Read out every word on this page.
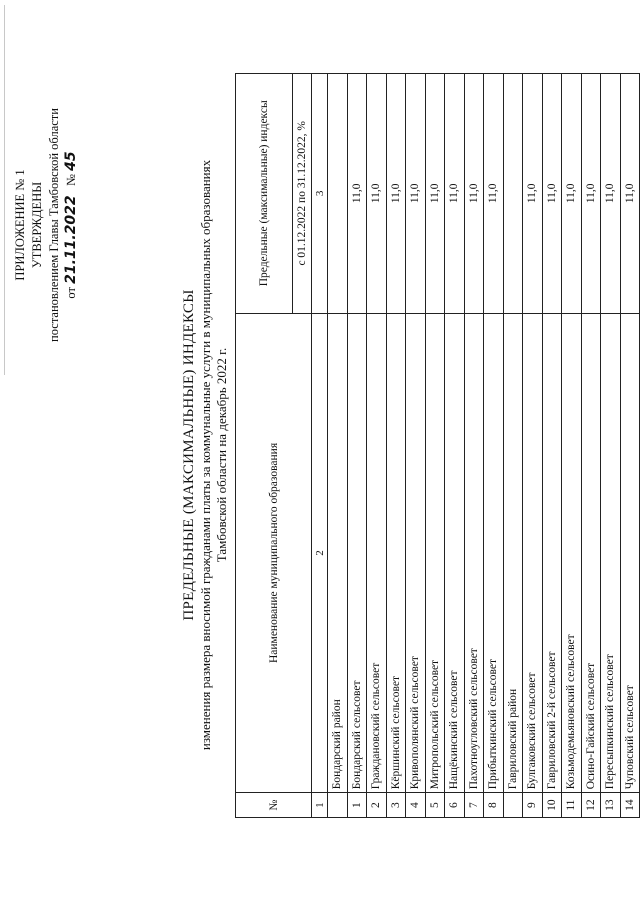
ПРИЛОЖЕНИЕ № 1 УТВЕРЖДЕНЫ постановлением Главы Тамбовской области от 21.11.2022   № 45
ПРЕДЕЛЬНЫЕ (МАКСИМАЛЬНЫЕ) ИНДЕКСЫ изменения размера вносимой гражданами платы за коммунальные услуги в муниципальных образованиях Тамбовской области на декабрь 2022 г.
№	Наименование муниципального образования	Предельные (максимальные) индексы
		с 01.12.2022 по 31.12.2022, %
1	2	3
	Бондарский район	
1	Бондарский сельсовет	11,0
2	Граждановский сельсовет	11,0
3	Кёршинский сельсовет	11,0
4	Кривополянский сельсовет	11,0
5	Митропольский сельсовет	11,0
6	Нащёкинский сельсовет	11,0
7	Пахотноугловский сельсовет	11,0
8	Прибыткинский сельсовет	11,0
	Гавриловский район	
9	Булгаковский сельсовет	11,0
10	Гавриловский 2-й сельсовет	11,0
11	Козьмодемьяновский сельсовет	11,0
12	Осино-Гайский сельсовет	11,0
13	Пересыпкинский сельсовет	11,0
14	Чуповский сельсовет	11,0
